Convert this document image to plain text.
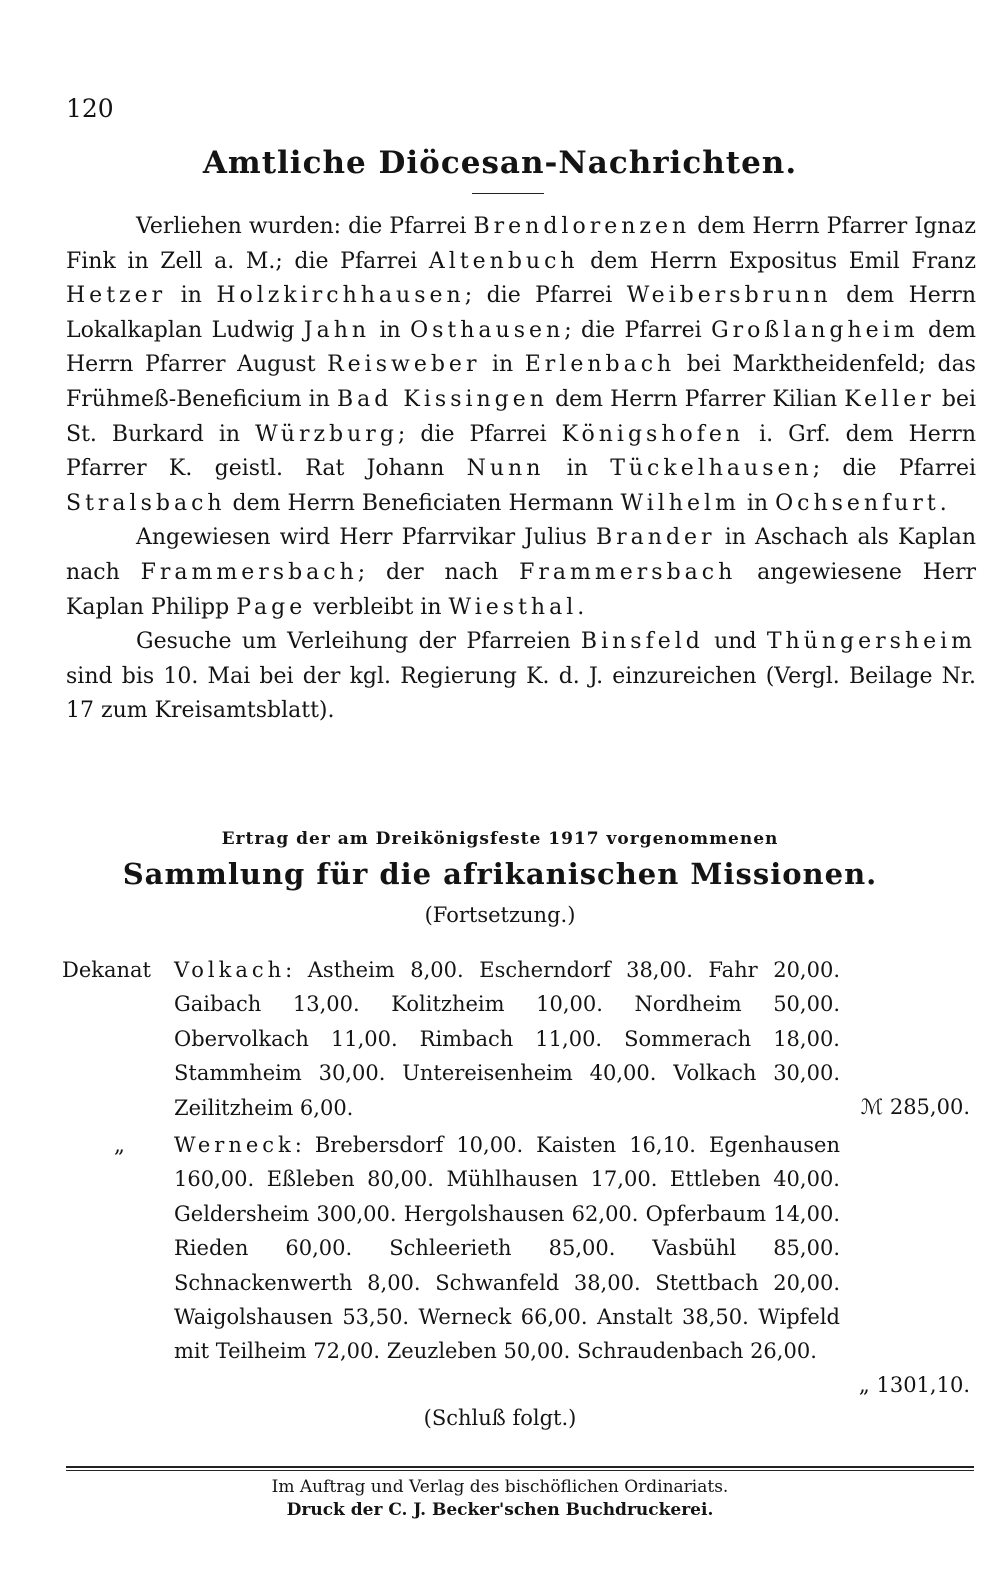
120
Amtliche Diöcesan-Nachrichten.

Verliehen wurden: die Pfarrei Brendlorenzen dem Herrn Pfarrer Ignaz Fink in Zell a. M.; die Pfarrei Altenbuch dem Herrn Expositus Emil Franz Hetzer in Holzkirchhausen; die Pfarrei Weibersbrunn dem Herrn Lokalkaplan Ludwig Jahn in Osthausen; die Pfarrei Großlangheim dem Herrn Pfarrer August Reisweber in Erlenbach bei Marktheidenfeld; das Frühmeß-Beneficium in Bad Kissingen dem Herrn Pfarrer Kilian Keller bei St. Burkard in Würzburg; die Pfarrei Königshofen i. Grf. dem Herrn Pfarrer K. geistl. Rat Johann Nunn in Tückelhausen; die Pfarrei Stralsbach dem Herrn Beneficiaten Hermann Wilhelm in Ochsenfurt.

Angewiesen wird Herr Pfarrvikar Julius Brander in Aschach als Kaplan nach Frammersbach; der nach Frammersbach angewiesene Herr Kaplan Philipp Page verbleibt in Wiesthal.

Gesuche um Verleihung der Pfarreien Binsfeld und Thüngersheim sind bis 10. Mai bei der kgl. Regierung K. d. J. einzureichen (Vergl. Beilage Nr. 17 zum Kreisamtsblatt).

Ertrag der am Dreikönigsfeste 1917 vorgenommenen
Sammlung für die afrikanischen Missionen.
(Fortsetzung.)
Dekanat	Volkach: Astheim 8,00. Escherndorf 38,00. Fahr 20,00. Gaibach 13,00. Kolitzheim 10,00. Nordheim 50,00. Obervolkach 11,00. Rimbach 11,00. Sommerach 18,00. Stammheim 30,00. Untereisenheim 40,00. Volkach 30,00. Zeilitzheim 6,00.	ℳ 285,00.
„ Werneck: Brebersdorf 10,00. Kaisten 16,10. Egenhausen 160,00. Eßleben 80,00. Mühlhausen 17,00. Ettleben 40,00. Geldersheim 300,00. Hergolshausen 62,00. Opferbaum 14,00. Rieden 60,00. Schleerieth 85,00. Vasbühl 85,00. Schnackenwerth 8,00. Schwanfeld 38,00. Stettbach 20,00. Waigolshausen 53,50. Werneck 66,00. Anstalt 38,50. Wipfeld mit Teilheim 72,00. Zeuzleben 50,00. Schraudenbach 26,00.
„ 1301,10.
(Schluß folgt.)
Im Auftrag und Verlag des bischöflichen Ordinariats.
Druck der C. J. Becker'schen Buchdruckerei.
